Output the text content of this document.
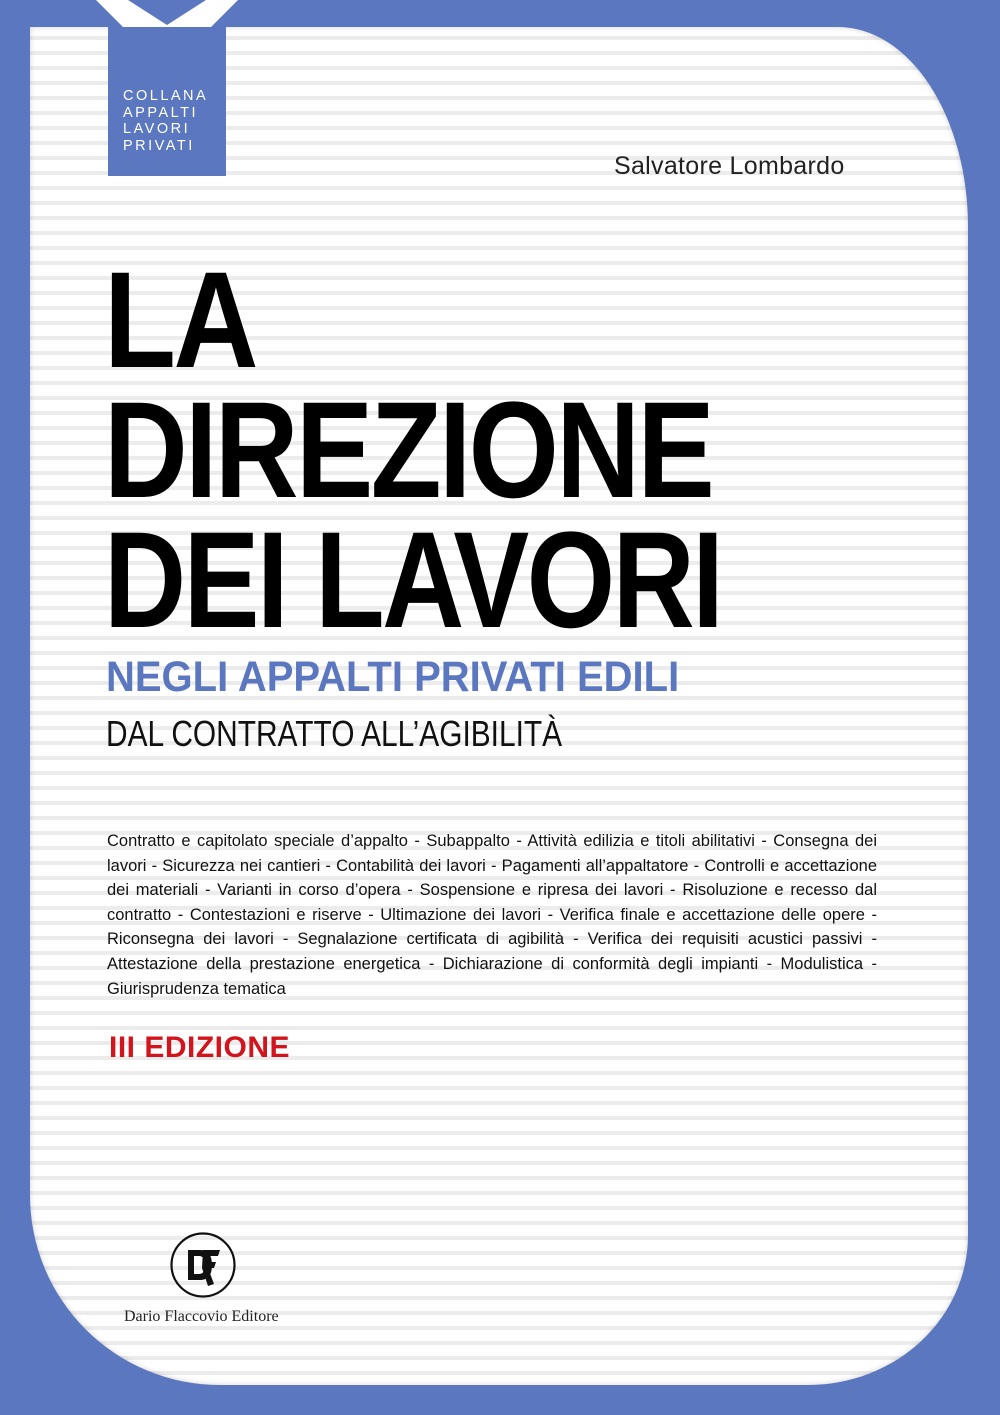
COLLANA
APPALTI
LAVORI
PRIVATI
Salvatore Lombardo
LA
DIREZIONE
DEI LAVORI
NEGLI APPALTI PRIVATI EDILI
DAL CONTRATTO ALL’AGIBILITÀ
Contratto e capitolato speciale d’appalto - Subappalto - Attività edilizia e titoli abilitativi - Consegna dei lavori - Sicurezza nei cantieri - Contabilità dei lavori - Pagamenti all’appaltatore - Controlli e accettazione dei materiali - Varianti in corso d’opera - Sospensione e ripresa dei lavori - Risoluzione e recesso dal contratto - Contestazioni e riserve - Ultimazione dei lavori - Verifica finale e accettazione delle opere - Riconsegna dei lavori - Segnalazione certificata di agibilità - Verifica dei requisiti acustici passivi - Attestazione della prestazione energetica - Dichiarazione di conformità degli impianti - Modulistica - Giurisprudenza tematica
III EDIZIONE
Dario Flaccovio Editore
